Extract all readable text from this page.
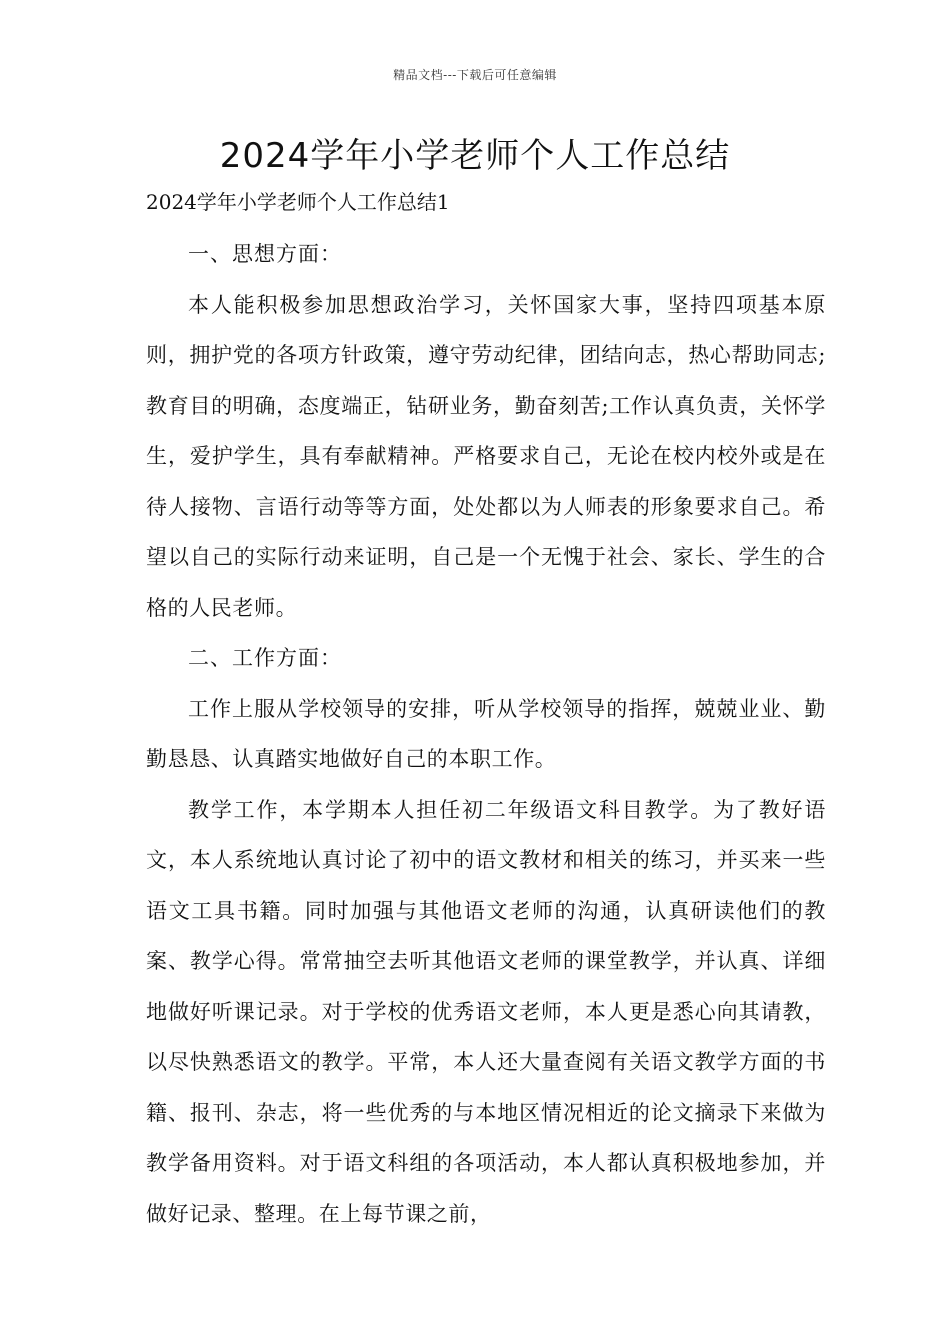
精品文档---下载后可任意编辑
2024学年小学老师个人工作总结

2024学年小学老师个人工作总结1

一、思想方面：

本人能积极参加思想政治学习，关怀国家大事，坚持四项基本原则，拥护党的各项方针政策，遵守劳动纪律，团结向志，热心帮助同志;教育目的明确，态度端正，钻研业务，勤奋刻苦;工作认真负责，关怀学生，爱护学生，具有奉献精神。严格要求自己，无论在校内校外或是在待人接物、言语行动等等方面，处处都以为人师表的形象要求自己。希望以自己的实际行动来证明，自己是一个无愧于社会、家长、学生的合格的人民老师。

二、工作方面：

工作上服从学校领导的安排，听从学校领导的指挥，兢兢业业、勤勤恳恳、认真踏实地做好自己的本职工作。

教学工作，本学期本人担任初二年级语文科目教学。为了教好语文，本人系统地认真讨论了初中的语文教材和相关的练习，并买来一些语文工具书籍。同时加强与其他语文老师的沟通，认真研读他们的教案、教学心得。常常抽空去听其他语文老师的课堂教学，并认真、详细地做好听课记录。对于学校的优秀语文老师，本人更是悉心向其请教，以尽快熟悉语文的教学。平常，本人还大量查阅有关语文教学方面的书籍、报刊、杂志，将一些优秀的与本地区情况相近的论文摘录下来做为教学备用资料。对于语文科组的各项活动，本人都认真积极地参加，并做好记录、整理。在上每节课之前，
